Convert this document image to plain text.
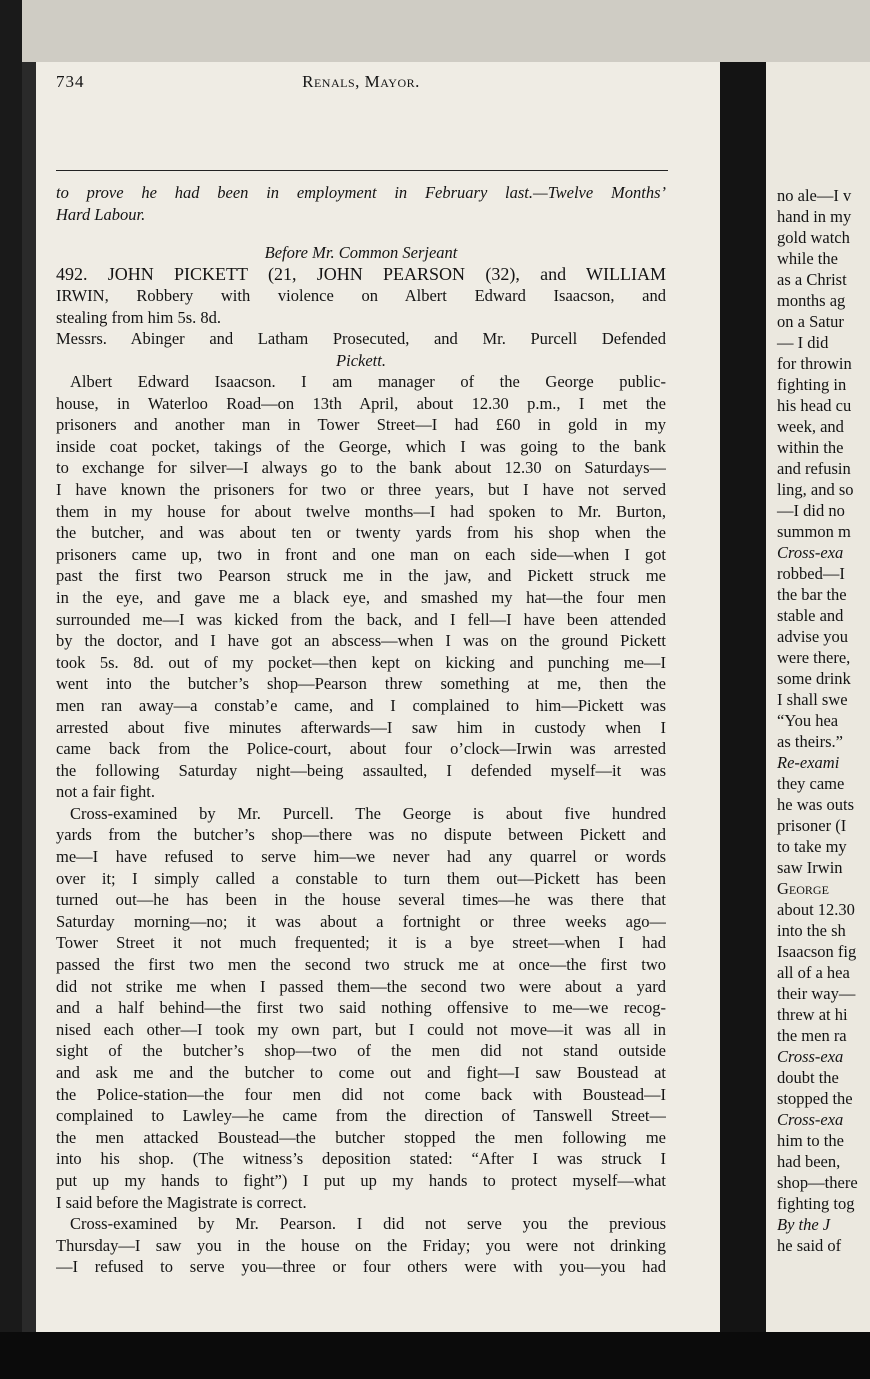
734	Renals, Mayor.
to prove he had been in employment in February last.—Twelve Months’
Hard Labour.
Before Mr. Common Serjeant
492. JOHN PICKETT (21, JOHN PEARSON (32), and WILLIAM
IRWIN, Robbery with violence on Albert Edward Isaacson, and
stealing from him 5s. 8d.
Messrs. Abinger and Latham Prosecuted, and Mr. Purcell Defended
Pickett.
Albert Edward Isaacson. I am manager of the George public-
house, in Waterloo Road—on 13th April, about 12.30 p.m., I met the
prisoners and another man in Tower Street—I had £60 in gold in my
inside coat pocket, takings of the George, which I was going to the bank
to exchange for silver—I always go to the bank about 12.30 on Saturdays—
I have known the prisoners for two or three years, but I have not served
them in my house for about twelve months—I had spoken to Mr. Burton,
the butcher, and was about ten or twenty yards from his shop when the
prisoners came up, two in front and one man on each side—when I got
past the first two Pearson struck me in the jaw, and Pickett struck me
in the eye, and gave me a black eye, and smashed my hat—the four men
surrounded me—I was kicked from the back, and I fell—I have been attended
by the doctor, and I have got an abscess—when I was on the ground Pickett
took 5s. 8d. out of my pocket—then kept on kicking and punching me—I
went into the butcher’s shop—Pearson threw something at me, then the
men ran away—a constab’e came, and I complained to him—Pickett was
arrested about five minutes afterwards—I saw him in custody when I
came back from the Police-court, about four o’clock—Irwin was arrested
the following Saturday night—being assaulted, I defended myself—it was
not a fair fight.
Cross-examined by Mr. Purcell. The George is about five hundred
yards from the butcher’s shop—there was no dispute between Pickett and
me—I have refused to serve him—we never had any quarrel or words
over it; I simply called a constable to turn them out—Pickett has been
turned out—he has been in the house several times—he was there that
Saturday morning—no; it was about a fortnight or three weeks ago—
Tower Street it not much frequented; it is a bye street—when I had
passed the first two men the second two struck me at once—the first two
did not strike me when I passed them—the second two were about a yard
and a half behind—the first two said nothing offensive to me—we recog-
nised each other—I took my own part, but I could not move—it was all in
sight of the butcher’s shop—two of the men did not stand outside
and ask me and the butcher to come out and fight—I saw Boustead at
the Police-station—the four men did not come back with Boustead—I
complained to Lawley—he came from the direction of Tanswell Street—
the men attacked Boustead—the butcher stopped the men following me
into his shop. (The witness’s deposition stated: “After I was struck I
put up my hands to fight”) I put up my hands to protect myself—what
I said before the Magistrate is correct.
Cross-examined by Mr. Pearson. I did not serve you the previous
Thursday—I saw you in the house on the Friday; you were not drinking
—I refused to serve you—three or four others were with you—you had
no ale—I v
hand in my
gold watch
while the
as a Christ
months ag
on a Satur
— I did
for throwin
fighting in
his head cu
week, and
within the
and refusin
ling, and so
—I did no
summon m
Cross-exa
robbed—I
the bar the
stable and
advise you
were there,
some drink
I shall swe
“You hea
as theirs.”
Re-exami
they came
he was outs
prisoner (I
to take my
saw Irwin
George
about 12.30
into the sh
Isaacson fig
all of a hea
their way—
threw at hi
the men ra
Cross-exa
doubt the
stopped the
Cross-exa
him to the
had been,
shop—there
fighting tog
By the J
he said of
